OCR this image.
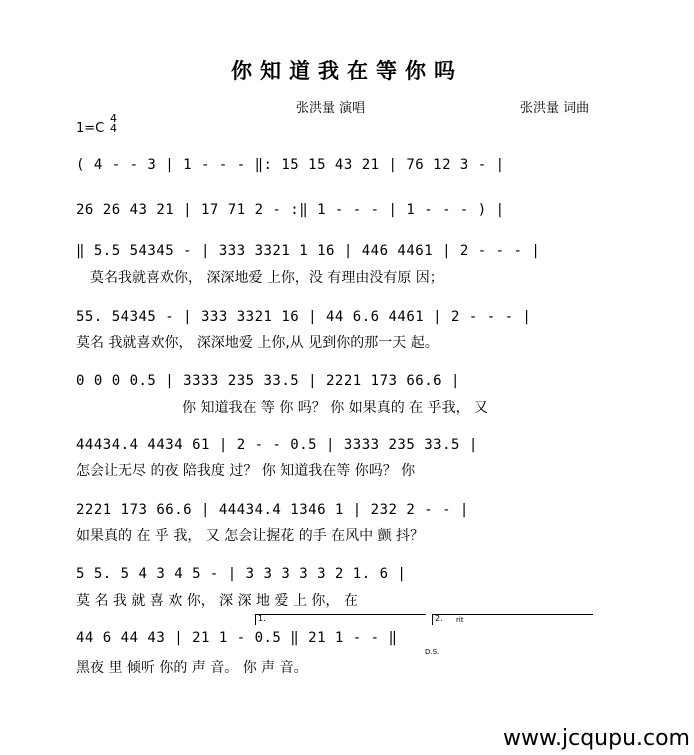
你知道我在等你吗
张洪量 演唱	张洪量 词曲
1=C
4
4
( 4 - - 3 | 1 - - - ‖: 15 15 43 21 | 76 12 3 - |
26 26 43 21 | 17 71 2 - :‖ 1 - - - | 1 - - - ) |
‖ 5.5 54345 - | 333 3321 1 16 | 446 4461 | 2 - - - |
莫名我就喜欢你， 深深地爱 上你，没 有理由没有原 因；
55. 54345 - | 333 3321 16 | 44 6.6 4461 | 2 - - - |
莫名 我就喜欢你， 深深地爱 上你,从 见到你的那一天 起。
0 0 0 0.5 | 3333 235 33.5 | 2221 173 66.6 |
你 知道我在 等 你 吗？ 你 如果真的 在 乎我， 又
44434.4 4434 61 | 2 - - 0.5 | 3333 235 33.5 |
怎会让无尽 的夜 陪我度 过？ 你 知道我在等 你吗？ 你
2221 173 66.6 | 44434.4 1346 1 | 232 2 - - |
如果真的 在 乎 我， 又 怎会让握花 的手 在风中 颤 抖？
5 5. 5 4 3 4 5 - | 3 3 3 3 3 2 1. 6 |
莫 名 我 就 喜 欢 你， 深 深 地 爱 上 你， 在
1.	2. rit
44 6 44 43 | 21 1 - 0.5 ‖ 21 1 - - ‖
D.S.
黑夜 里 倾听 你的 声 音。 你 声 音。
www.jcqupu.com
